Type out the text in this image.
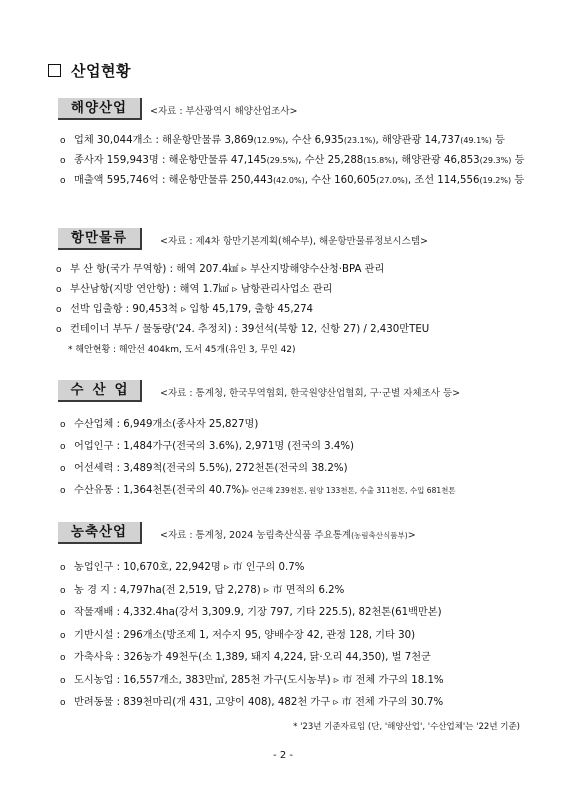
산업현황
해양산업	<자료 : 부산광역시 해양산업조사>
o 업체 30,044개소 : 해운항만물류 3,869(12.9%), 수산 6,935(23.1%), 해양관광 14,737(49.1%) 등
o 종사자 159,943명 : 해운항만물류 47,145(29.5%), 수산 25,288(15.8%), 해양관광 46,853(29.3%) 등
o 매출액 595,746억 : 해운항만물류 250,443(42.0%), 수산 160,605(27.0%), 조선 114,556(19.2%) 등
항만물류	<자료 : 제4차 항만기본계획(해수부), 해운항만물류정보시스템>
o 부 산 항(국가 무역항) : 해역 207.4㎢ ▹ 부산지방해양수산청·BPA 관리
o 부산남항(지방 연안항) : 해역 1.7㎢ ▹ 남항관리사업소 관리
o 선박 입출항 : 90,453척 ▹ 입항 45,179, 출항 45,274
o 컨테이너 부두 / 물동량('24. 추정치) : 39선석(북항 12, 신항 27) / 2,430만TEU
* 해안현황 : 해안선 404km, 도서 45개(유인 3, 무인 42)
수산업	<자료 : 통계청, 한국무역협회, 한국원양산업협회, 구·군별 자체조사 등>
o 수산업체 : 6,949개소(종사자 25,827명)
o 어업인구 : 1,484가구(전국의 3.6%), 2,971명 (전국의 3.4%)
o 어선세력 : 3,489척(전국의 5.5%), 272천톤(전국의 38.2%)
o 수산유통 : 1,364천톤(전국의 40.7%)▹ 연근해 239천톤, 원양 133천톤, 수출 311천톤, 수입 681천톤
농축산업	<자료 : 통계청, 2024 농림축산식품 주요통계(농림축산식품부)>
o 농업인구 : 10,670호, 22,942명 ▹ 市 인구의 0.7%
o 농 경 지 : 4,797ha(전 2,519, 답 2,278) ▹ 市 면적의 6.2%
o 작물재배 : 4,332.4ha(강서 3,309.9, 기장 797, 기타 225.5), 82천톤(61백만본)
o 기반시설 : 296개소(방조제 1, 저수지 95, 양배수장 42, 관정 128, 기타 30)
o 가축사육 : 326농가 49천두(소 1,389, 돼지 4,224, 닭·오리 44,350), 벌 7천군
o 도시농업 : 16,557개소, 383만㎡, 285천 가구(도시농부) ▹ 市 전체 가구의 18.1%
o 반려동물 : 839천마리(개 431, 고양이 408), 482천 가구 ▹ 市 전체 가구의 30.7%
* '23년 기준자료임 (단, '해양산업', '수산업체'는 '22년 기준)
- 2 -
